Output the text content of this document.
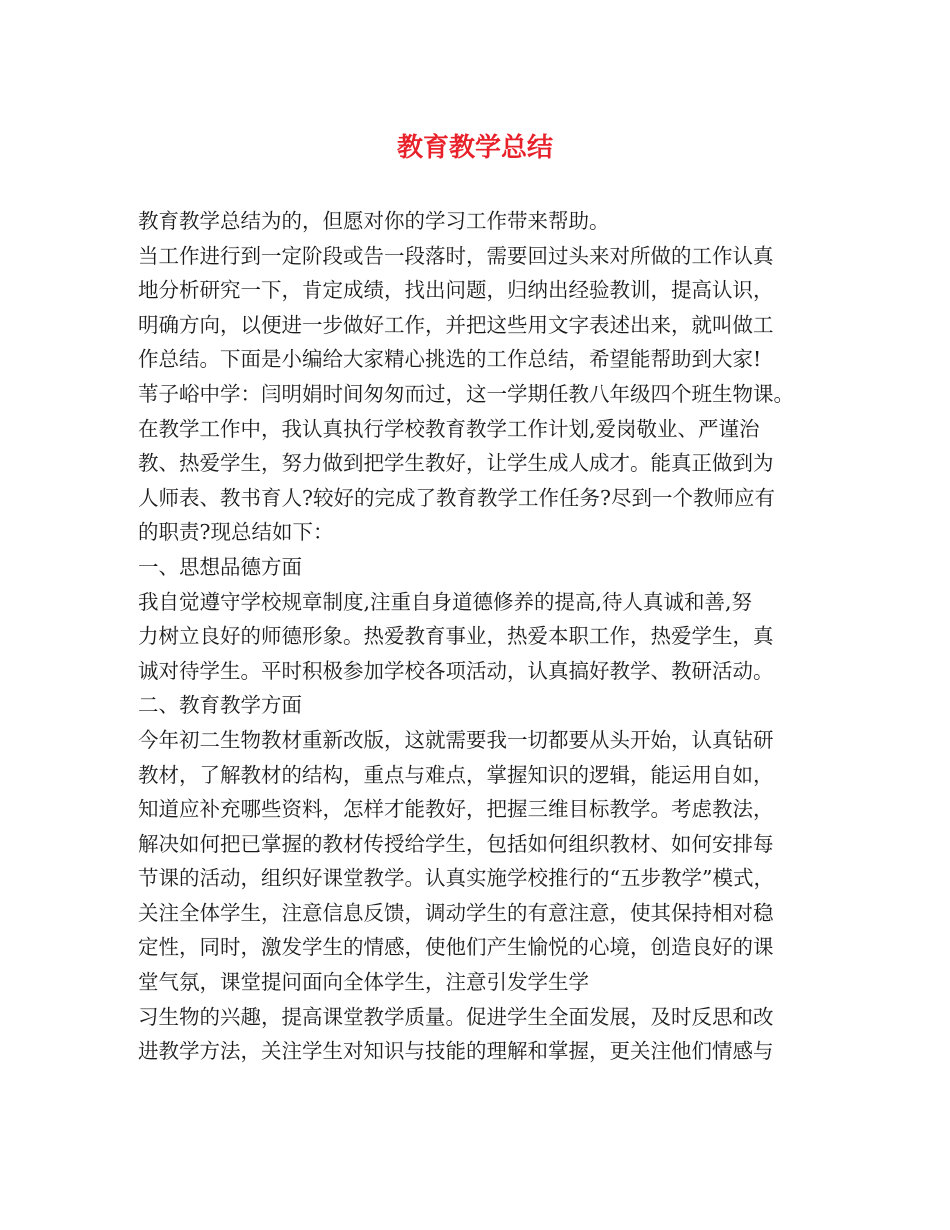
教育教学总结
教育教学总结为的，但愿对你的学习工作带来帮助。
当工作进行到一定阶段或告一段落时，需要回过头来对所做的工作认真
地分析研究一下，肯定成绩，找出问题，归纳出经验教训，提高认识，
明确方向，以便进一步做好工作，并把这些用文字表述出来，就叫做工
作总结。下面是小编给大家精心挑选的工作总结，希望能帮助到大家!
苇子峪中学：闫明娟时间匆匆而过，这一学期任教八年级四个班生物课。
在教学工作中，我认真执行学校教育教学工作计划,爱岗敬业、严谨治
教、热爱学生，努力做到把学生教好，让学生成人成才。能真正做到为
人师表、教书育人?较好的完成了教育教学工作任务?尽到一个教师应有
的职责?现总结如下：
一、思想品德方面
我自觉遵守学校规章制度,注重自身道德修养的提高,待人真诚和善,努
力树立良好的师德形象。热爱教育事业，热爱本职工作，热爱学生，真
诚对待学生。平时积极参加学校各项活动，认真搞好教学、教研活动。
二、教育教学方面
今年初二生物教材重新改版，这就需要我一切都要从头开始，认真钻研
教材，了解教材的结构，重点与难点，掌握知识的逻辑，能运用自如，
知道应补充哪些资料，怎样才能教好，把握三维目标教学。考虑教法，
解决如何把已掌握的教材传授给学生，包括如何组织教材、如何安排每
节课的活动，组织好课堂教学。认真实施学校推行的“五步教学”模式，
关注全体学生，注意信息反馈，调动学生的有意注意，使其保持相对稳
定性，同时，激发学生的情感，使他们产生愉悦的心境，创造良好的课
堂气氛，课堂提问面向全体学生，注意引发学生学
习生物的兴趣，提高课堂教学质量。促进学生全面发展，及时反思和改
进教学方法，关注学生对知识与技能的理解和掌握，更关注他们情感与
